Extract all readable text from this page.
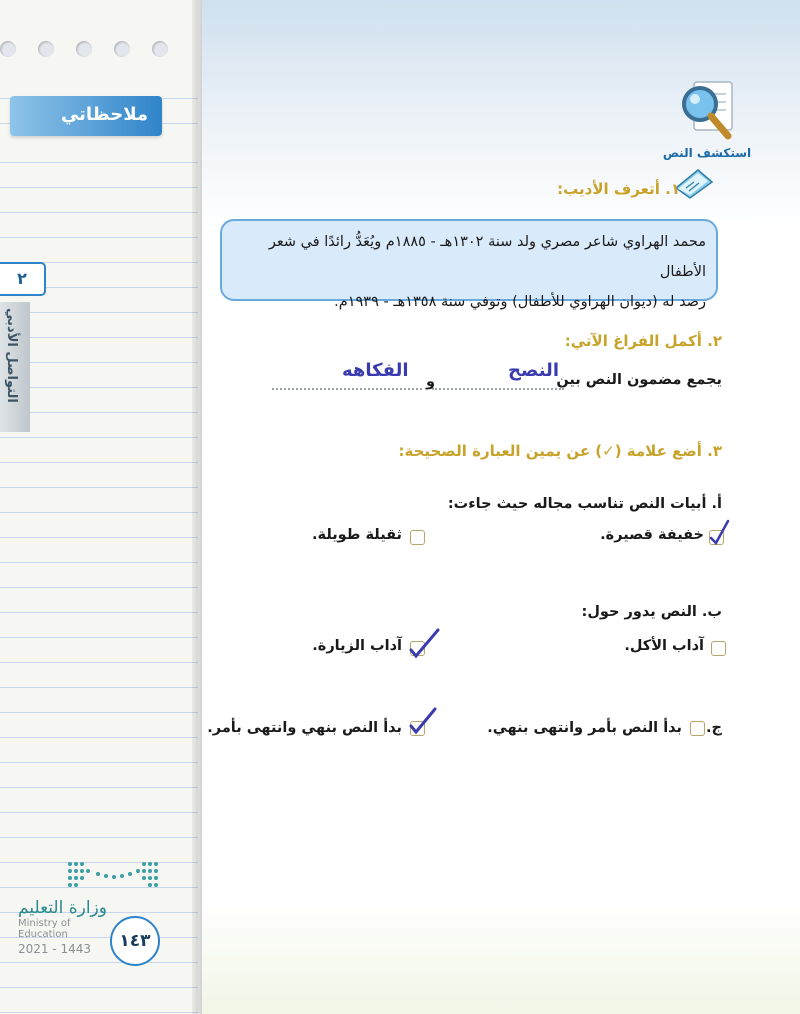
ملاحظاتي
٢
التواصل الأدبي
وزارة التعليم
Ministry of Education
2021 - 1443	١٤٣
استكشف النص
١. أتعرف الأديب:

محمد الهراوي شاعر مصري ولد سنة ١٣٠٢هـ - ١٨٨٥م ويُعَدُّ رائدًا في شعر الأطفال

رصد له (ديوان الهراوي للأطفال) وتوفي سنة ١٣٥٨هـ - ١٩٣٩م.

٢. أكمل الفراغ الآتي:
يجمع مضمون النص بين
النصح
و
الفكاهه
٣. أضع علامة (✓) عن يمين العبارة الصحيحة:
أ. أبيات النص تناسب مجاله حيث جاءت:
خفيفة قصيرة.
ثقيلة طويلة.
ب. النص يدور حول:
آداب الأكل.
آداب الزيارة.
ج.
بدأ النص بأمر وانتهى بنهي.
بدأ النص بنهي وانتهى بأمر.
